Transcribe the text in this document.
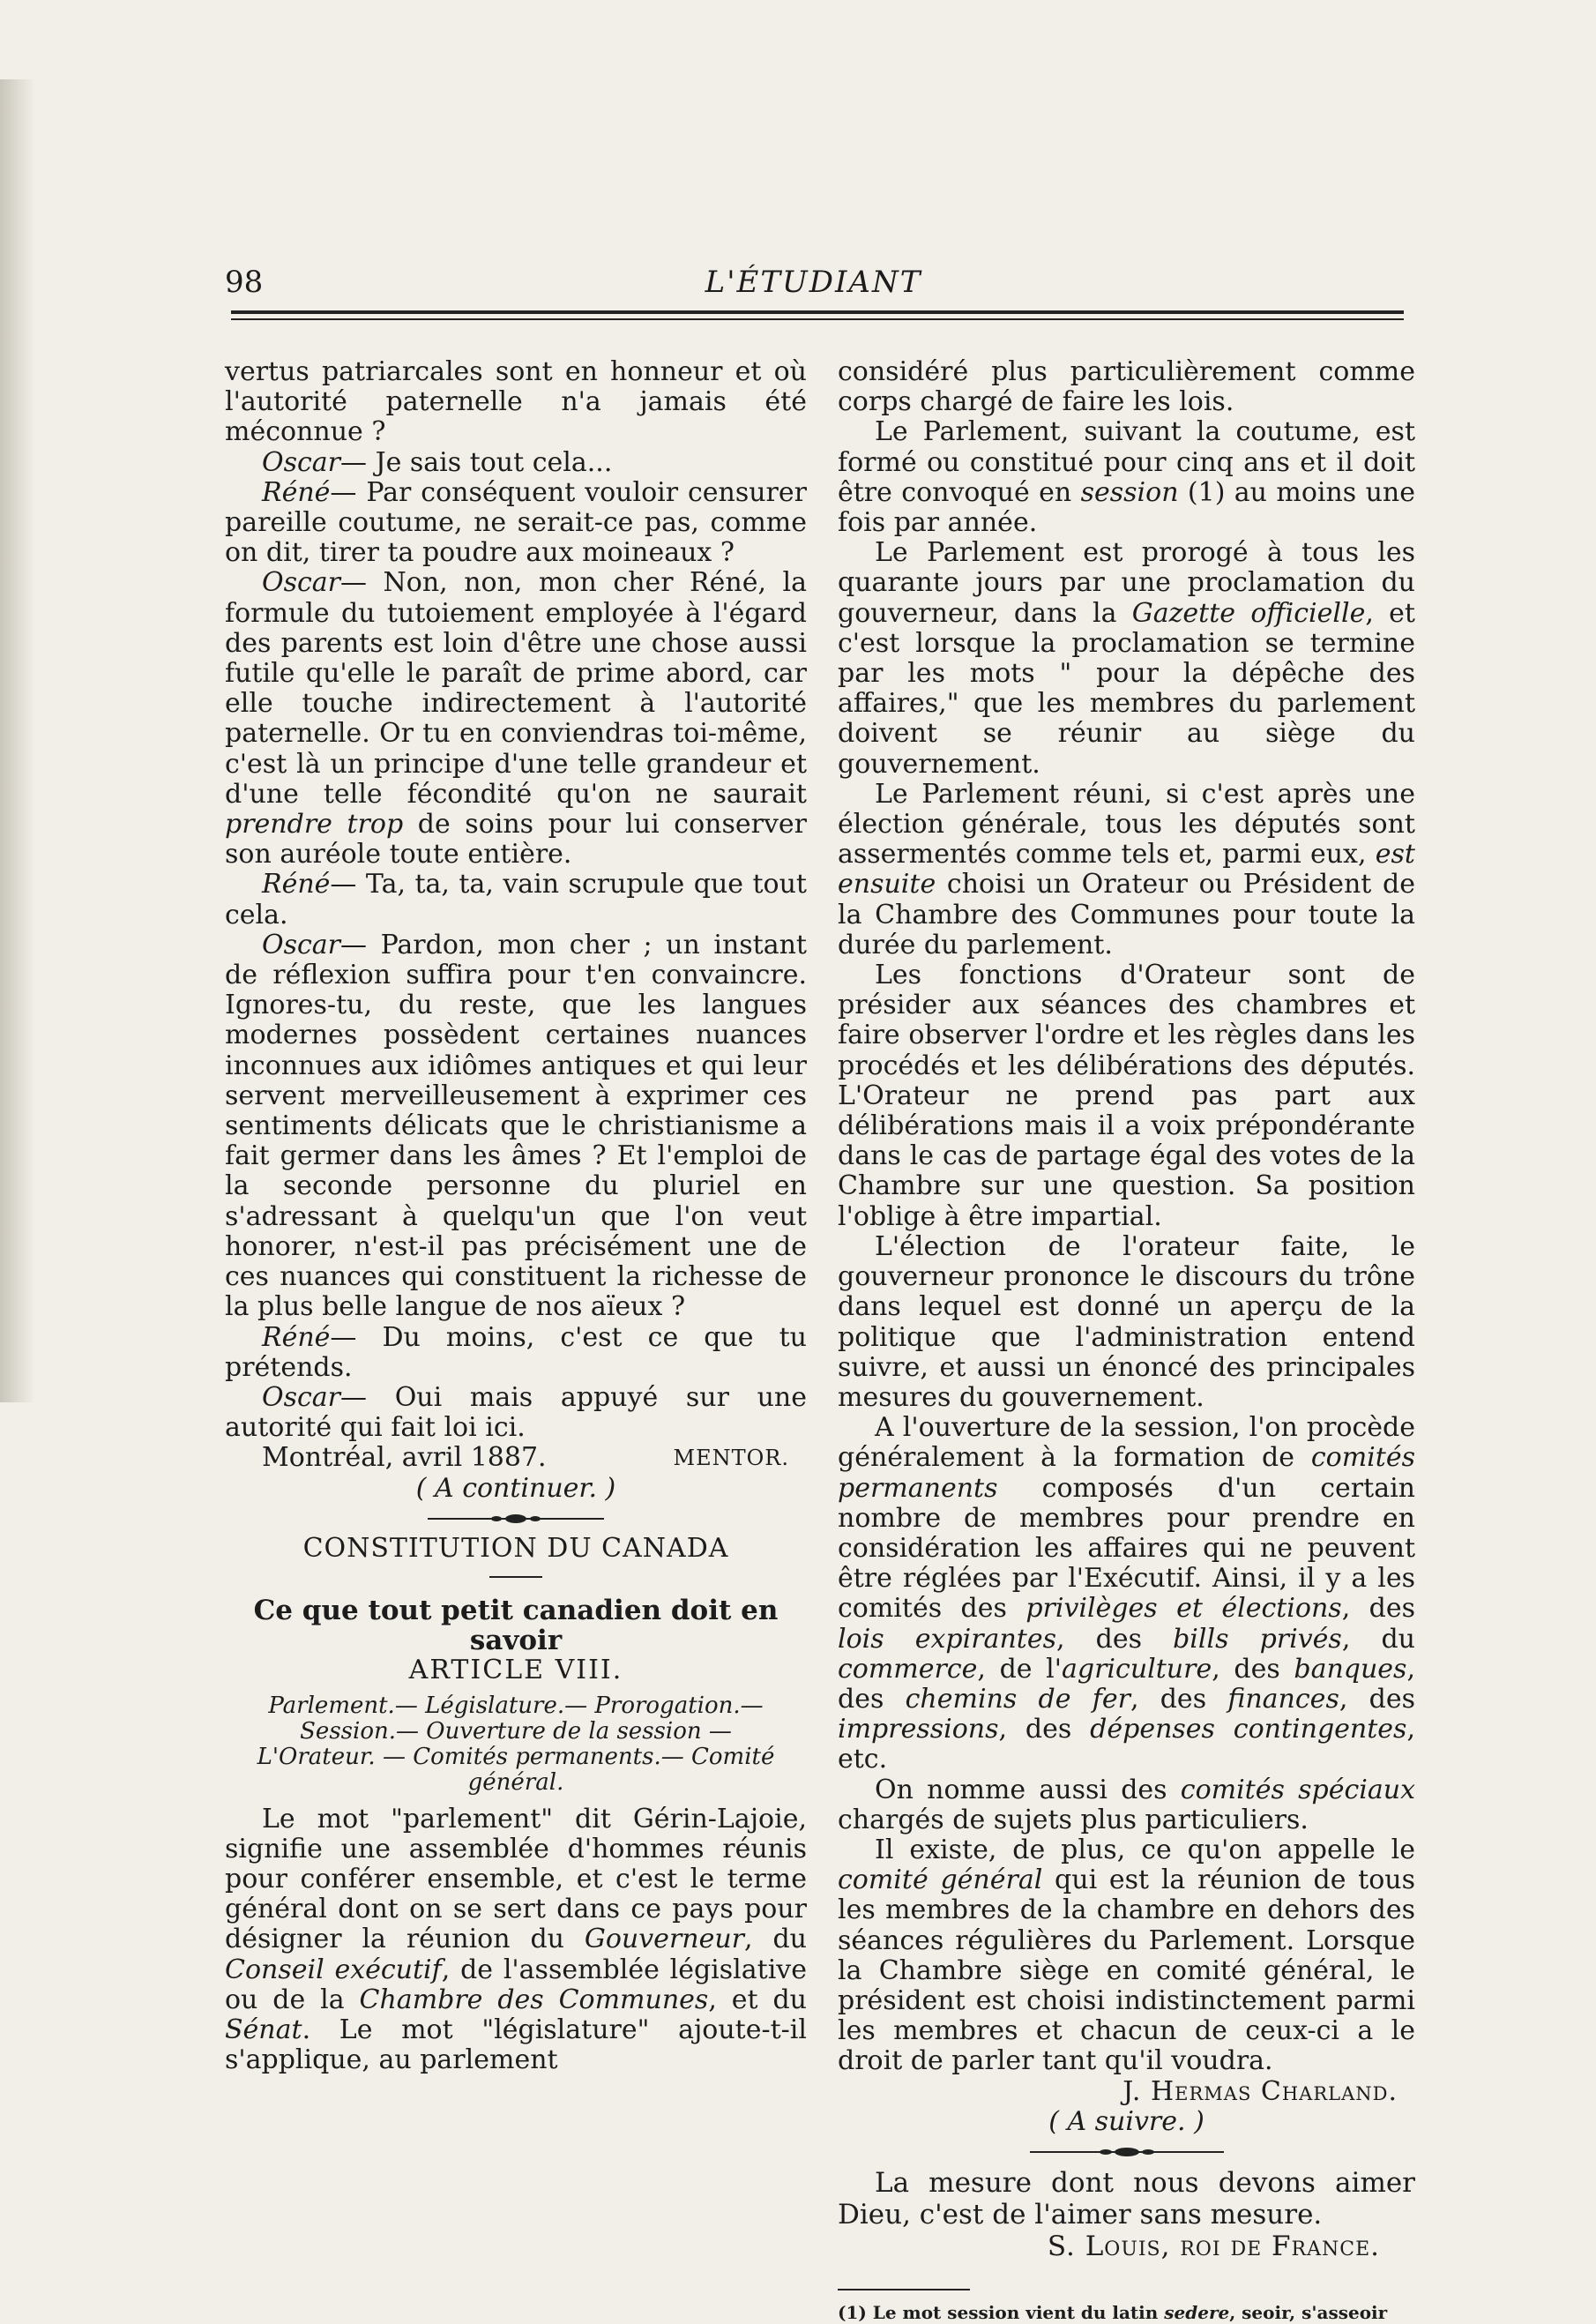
98	L'ÉTUDIANT

vertus patriarcales sont en honneur et où l'autorité paternelle n'a jamais été méconnue ?

Oscar— Je sais tout cela...

Réné— Par conséquent vouloir censurer pareille coutume, ne serait-ce pas, comme on dit, tirer ta poudre aux moineaux ?

Oscar— Non, non, mon cher Réné, la formule du tutoiement employée à l'égard des parents est loin d'être une chose aussi futile qu'elle le paraît de prime abord, car elle touche indirectement à l'autorité paternelle. Or tu en conviendras toi-même, c'est là un principe d'une telle grandeur et d'une telle fécondité qu'on ne saurait prendre trop de soins pour lui conserver son auréole toute entière.

Réné— Ta, ta, ta, vain scrupule que tout cela.

Oscar— Pardon, mon cher ; un instant de réflexion suffira pour t'en convaincre. Ignores-tu, du reste, que les langues modernes possèdent certaines nuances inconnues aux idiômes antiques et qui leur servent merveilleusement à exprimer ces sentiments délicats que le christianisme a fait germer dans les âmes ? Et l'emploi de la seconde personne du pluriel en s'adressant à quelqu'un que l'on veut honorer, n'est-il pas précisément une de ces nuances qui constituent la richesse de la plus belle langue de nos aïeux ?

Réné— Du moins, c'est ce que tu prétends.

Oscar— Oui mais appuyé sur une autorité qui fait loi ici.

Montréal, avril 1887.	MENTOR.

( A continuer. )

CONSTITUTION DU CANADA
Ce que tout petit canadien doit en savoir
ARTICLE VIII.
Parlement.— Législature.— Prorogation.— Session.— Ouverture de la session — L'Orateur. — Comités permanents.— Comité général.

Le mot "parlement" dit Gérin-Lajoie, signifie une assemblée d'hommes réunis pour conférer ensemble, et c'est le terme général dont on se sert dans ce pays pour désigner la réunion du Gouverneur, du Conseil exécutif, de l'assemblée législative ou de la Chambre des Communes, et du Sénat. Le mot "législature" ajoute-t-il s'applique, au parlement

considéré plus particulièrement comme corps chargé de faire les lois.

Le Parlement, suivant la coutume, est formé ou constitué pour cinq ans et il doit être convoqué en session (1) au moins une fois par année.

Le Parlement est prorogé à tous les quarante jours par une proclamation du gouverneur, dans la Gazette officielle, et c'est lorsque la proclamation se termine par les mots " pour la dépêche des affaires," que les membres du parlement doivent se réunir au siège du gouvernement.

Le Parlement réuni, si c'est après une élection générale, tous les députés sont assermentés comme tels et, parmi eux, est ensuite choisi un Orateur ou Président de la Chambre des Communes pour toute la durée du parlement.

Les fonctions d'Orateur sont de présider aux séances des chambres et faire observer l'ordre et les règles dans les procédés et les délibérations des députés. L'Orateur ne prend pas part aux délibérations mais il a voix prépondérante dans le cas de partage égal des votes de la Chambre sur une question. Sa position l'oblige à être impartial.

L'élection de l'orateur faite, le gouverneur prononce le discours du trône dans lequel est donné un aperçu de la politique que l'administration entend suivre, et aussi un énoncé des principales mesures du gouvernement.

A l'ouverture de la session, l'on procède généralement à la formation de comités permanents composés d'un certain nombre de membres pour prendre en considération les affaires qui ne peuvent être réglées par l'Exécutif. Ainsi, il y a les comités des privilèges et élections, des lois expirantes, des bills privés, du commerce, de l'agriculture, des banques, des chemins de fer, des finances, des impressions, des dépenses contingentes, etc.

On nomme aussi des comités spéciaux chargés de sujets plus particuliers.

Il existe, de plus, ce qu'on appelle le comité général qui est la réunion de tous les membres de la chambre en dehors des séances régulières du Parlement. Lorsque la Chambre siège en comité général, le président est choisi indistinctement parmi les membres et chacun de ceux-ci a le droit de parler tant qu'il voudra.

J. Hermas Charland.

( A suivre. )

La mesure dont nous devons aimer Dieu, c'est de l'aimer sans mesure.

S. Louis, roi de France.

(1) Le mot session vient du latin sedere, seoir, s'asseoir
